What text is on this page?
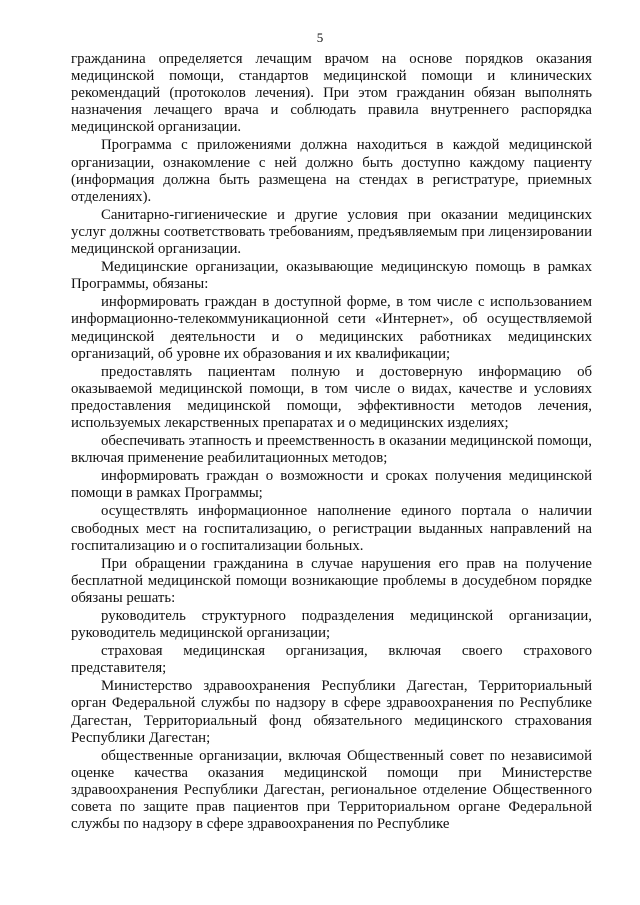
5

гражданина определяется лечащим врачом на основе порядков оказания медицинской помощи, стандартов медицинской помощи и клинических рекомендаций (протоколов лечения). При этом гражданин обязан выполнять назначения лечащего врача и соблюдать правила внутреннего распорядка медицинской организации.

Программа с приложениями должна находиться в каждой медицинской организации, ознакомление с ней должно быть доступно каждому пациенту (информация должна быть размещена на стендах в регистратуре, приемных отделениях).

Санитарно-гигиенические и другие условия при оказании медицинских услуг должны соответствовать требованиям, предъявляемым при лицензировании медицинской организации.

Медицинские организации, оказывающие медицинскую помощь в рамках Программы, обязаны:

информировать граждан в доступной форме, в том числе с использованием информационно-телекоммуникационной сети «Интернет», об осуществляемой медицинской деятельности и о медицинских работниках медицинских организаций, об уровне их образования и их квалификации;

предоставлять пациентам полную и достоверную информацию об оказываемой медицинской помощи, в том числе о видах, качестве и условиях предоставления медицинской помощи, эффективности методов лечения, используемых лекарственных препаратах и о медицинских изделиях;

обеспечивать этапность и преемственность в оказании медицинской помощи, включая применение реабилитационных методов;

информировать граждан о возможности и сроках получения медицинской помощи в рамках Программы;

осуществлять информационное наполнение единого портала о наличии свободных мест на госпитализацию, о регистрации выданных направлений на госпитализацию и о госпитализации больных.

При обращении гражданина в случае нарушения его прав на получение бесплатной медицинской помощи возникающие проблемы в досудебном порядке обязаны решать:

руководитель структурного подразделения медицинской организации, руководитель медицинской организации;

страховая медицинская организация, включая своего страхового представителя;

Министерство здравоохранения Республики Дагестан, Территориальный орган Федеральной службы по надзору в сфере здравоохранения по Республике Дагестан, Территориальный фонд обязательного медицинского страхования Республики Дагестан;

общественные организации, включая Общественный совет по независимой оценке качества оказания медицинской помощи при Министерстве здравоохранения Республики Дагестан, региональное отделение Общественного совета по защите прав пациентов при Территориальном органе Федеральной службы по надзору в сфере здравоохранения по Республике
